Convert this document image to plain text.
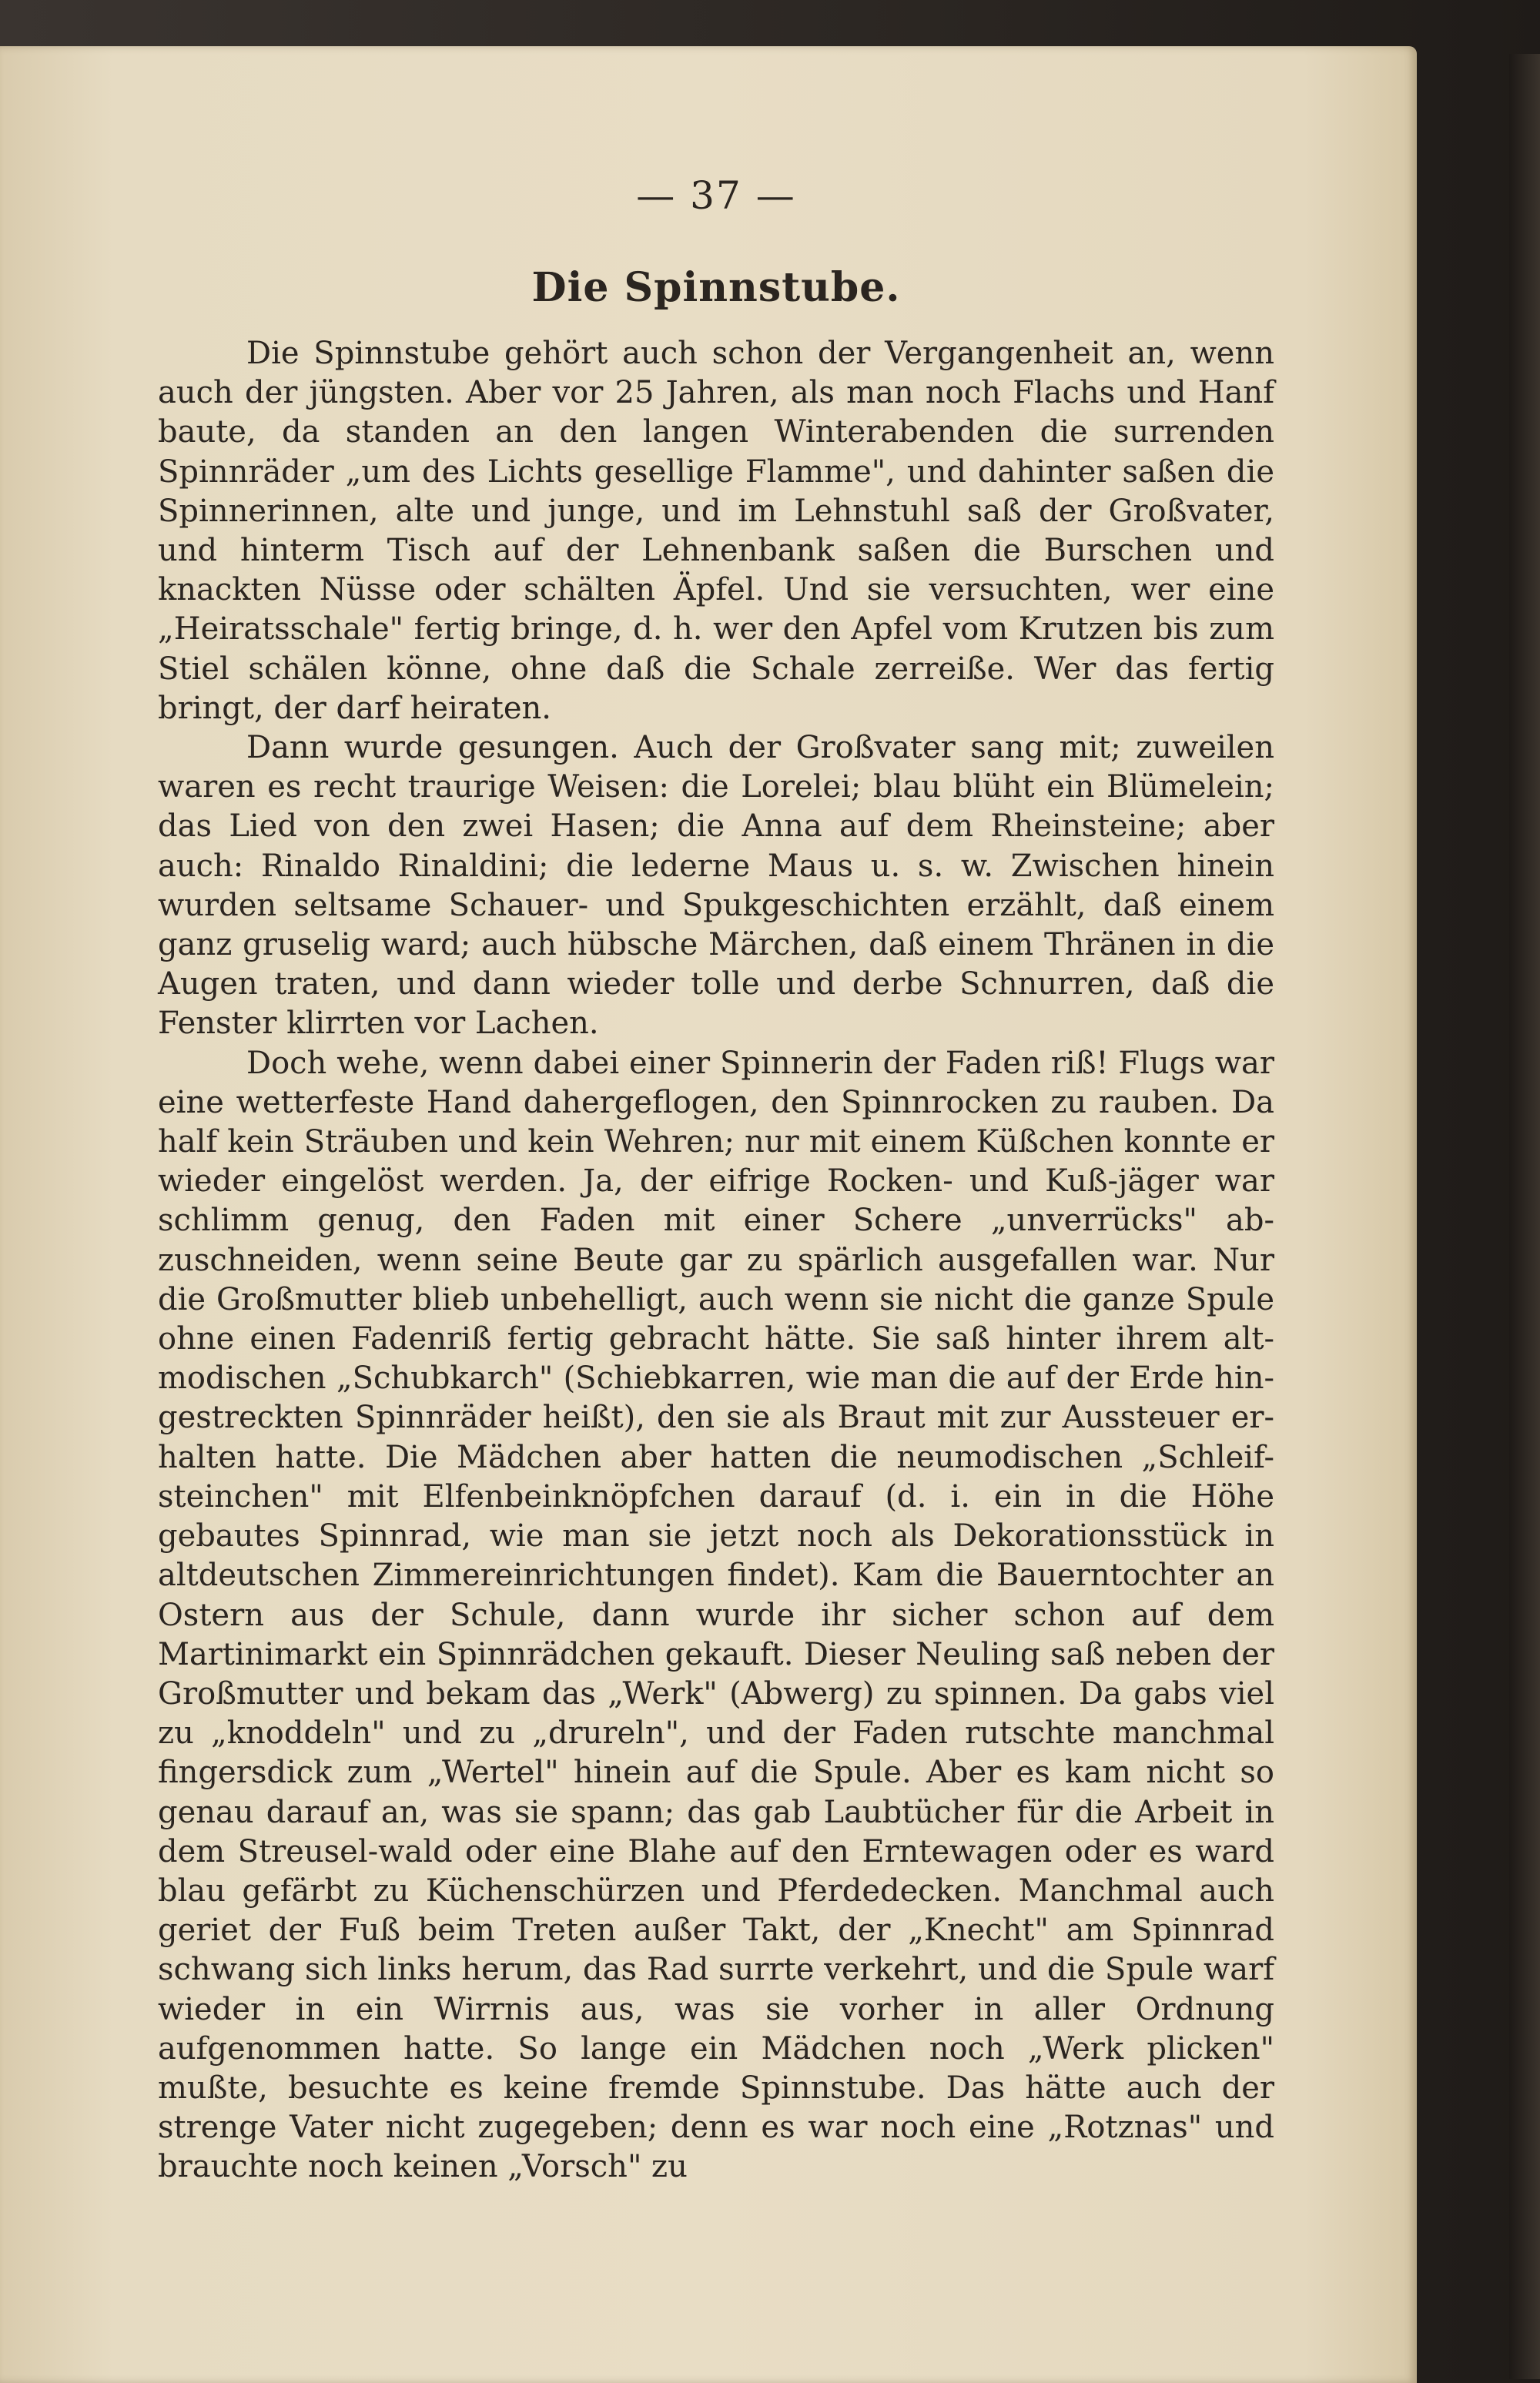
— 37 —
Die Spinnstube.

Die Spinnstube gehört auch schon der Vergangenheit an, wenn auch der jüngsten. Aber vor 25 Jahren, als man noch Flachs und Hanf baute, da standen an den langen Winterabenden die surrenden Spinnräder „um des Lichts gesellige Flamme", und dahinter saßen die Spinnerinnen, alte und junge, und im Lehnstuhl saß der Großvater, und hinterm Tisch auf der Lehnenbank saßen die Burschen und knackten Nüsse oder schälten Äpfel. Und sie versuchten, wer eine „Heiratsschale" fertig bringe, d. h. wer den Apfel vom Krutzen bis zum Stiel schälen könne, ohne daß die Schale zerreiße. Wer das fertig bringt, der darf heiraten.

Dann wurde gesungen. Auch der Großvater sang mit; zuweilen waren es recht traurige Weisen: die Lorelei; blau blüht ein Blümelein; das Lied von den zwei Hasen; die Anna auf dem Rheinsteine; aber auch: Rinaldo Rinaldini; die lederne Maus u. s. w. Zwischen hinein wurden seltsame Schauer- und Spukgeschichten erzählt, daß einem ganz gruselig ward; auch hübsche Märchen, daß einem Thränen in die Augen traten, und dann wieder tolle und derbe Schnurren, daß die Fenster klirrten vor Lachen.

Doch wehe, wenn dabei einer Spinnerin der Faden riß! Flugs war eine wetterfeste Hand dahergeflogen, den Spinnrocken zu rauben. Da half kein Sträuben und kein Wehren; nur mit einem Küßchen konnte er wieder eingelöst werden. Ja, der eifrige Rocken- und Kuß-jäger war schlimm genug, den Faden mit einer Schere „unverrücks" ab-zuschneiden, wenn seine Beute gar zu spärlich ausgefallen war. Nur die Großmutter blieb unbehelligt, auch wenn sie nicht die ganze Spule ohne einen Fadenriß fertig gebracht hätte. Sie saß hinter ihrem alt-modischen „Schubkarch" (Schiebkarren, wie man die auf der Erde hin-gestreckten Spinnräder heißt), den sie als Braut mit zur Aussteuer er-halten hatte. Die Mädchen aber hatten die neumodischen „Schleif-steinchen" mit Elfenbeinknöpfchen darauf (d. i. ein in die Höhe gebautes Spinnrad, wie man sie jetzt noch als Dekorationsstück in altdeutschen Zimmereinrichtungen findet). Kam die Bauerntochter an Ostern aus der Schule, dann wurde ihr sicher schon auf dem Martinimarkt ein Spinnrädchen gekauft. Dieser Neuling saß neben der Großmutter und bekam das „Werk" (Abwerg) zu spinnen. Da gabs viel zu „knoddeln" und zu „drureln", und der Faden rutschte manchmal fingersdick zum „Wertel" hinein auf die Spule. Aber es kam nicht so genau darauf an, was sie spann; das gab Laubtücher für die Arbeit in dem Streusel-wald oder eine Blahe auf den Erntewagen oder es ward blau gefärbt zu Küchenschürzen und Pferdedecken. Manchmal auch geriet der Fuß beim Treten außer Takt, der „Knecht" am Spinnrad schwang sich links herum, das Rad surrte verkehrt, und die Spule warf wieder in ein Wirrnis aus, was sie vorher in aller Ordnung aufgenommen hatte. So lange ein Mädchen noch „Werk plicken" mußte, besuchte es keine fremde Spinnstube. Das hätte auch der strenge Vater nicht zugegeben; denn es war noch eine „Rotznas" und brauchte noch keinen „Vorsch" zu
